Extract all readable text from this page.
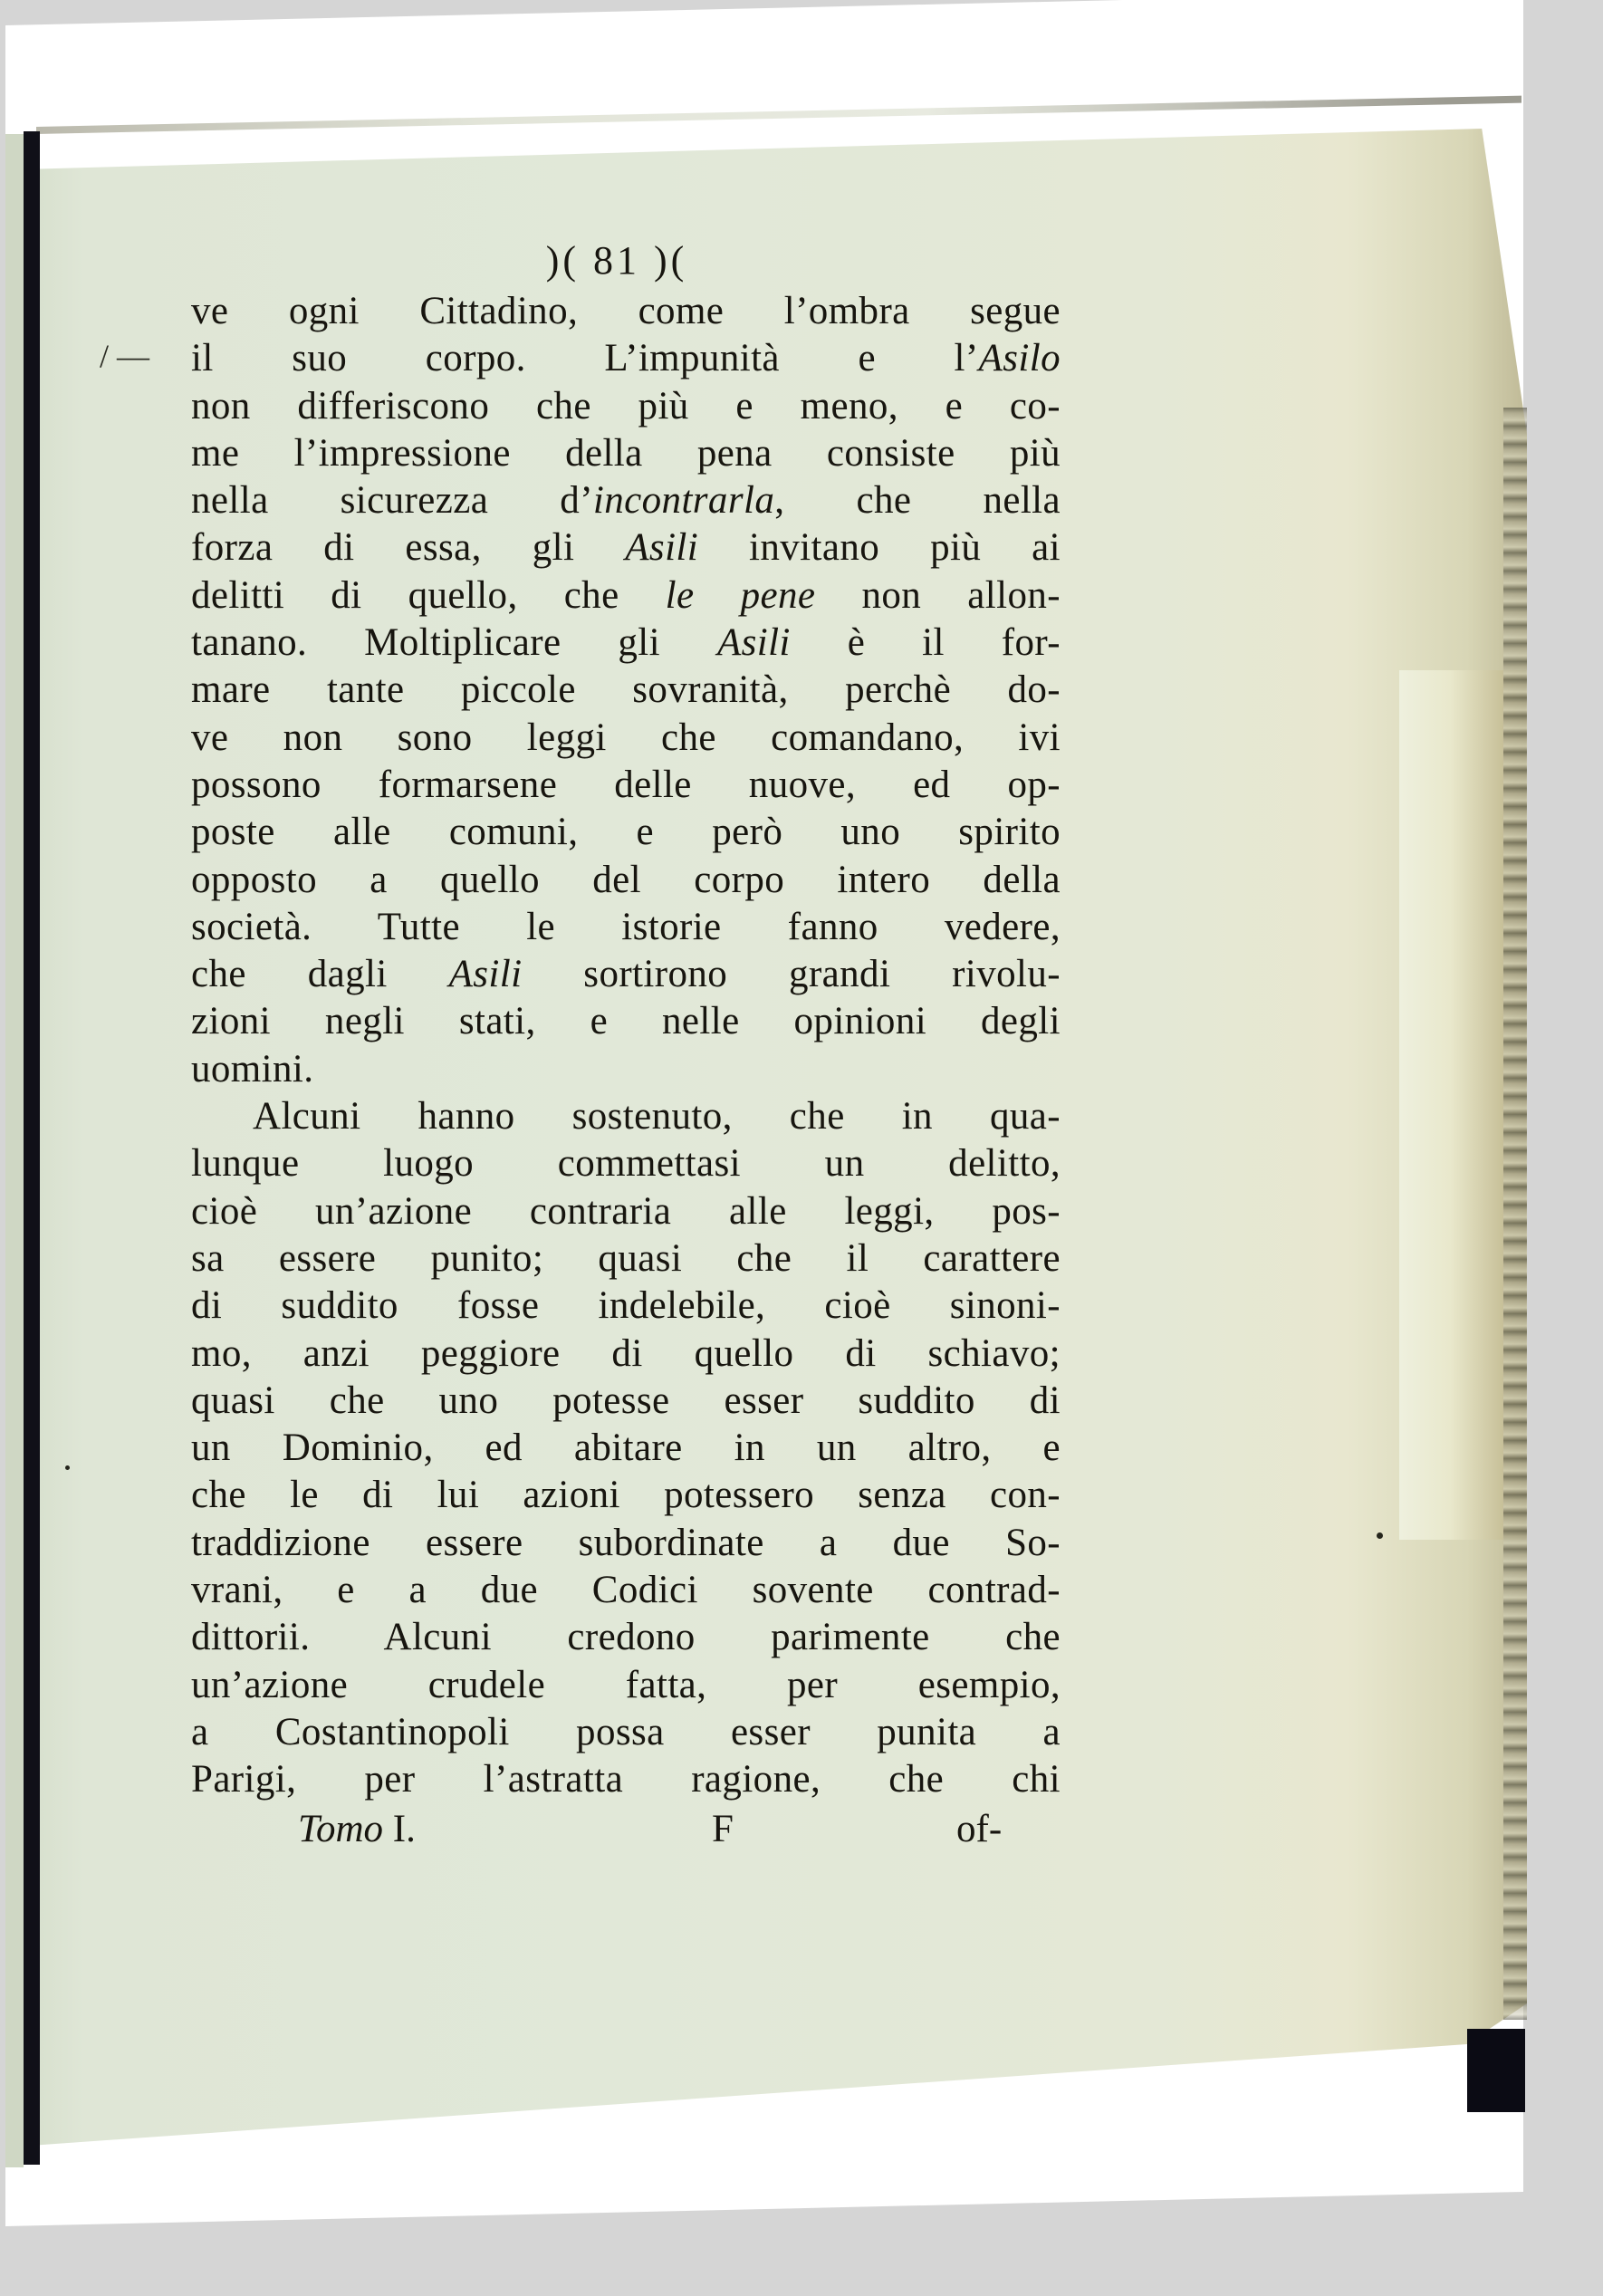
/ —
)( 81 )(
ve ogni Cittadino, come l’ombra segue
il suo corpo. L’impunità e l’Asilo
non differiscono che più e meno, e co-
me l’impressione della pena consiste più
nella sicurezza d’incontrarla, che nella
forza di essa, gli Asili invitano più ai
delitti di quello, che le pene non allon-
tanano. Moltiplicare gli Asili è il for-
mare tante piccole sovranità, perchè do-
ve non sono leggi che comandano, ivi
possono formarsene delle nuove, ed op-
poste alle comuni, e però uno spirito
opposto a quello del corpo intero della
società. Tutte le istorie fanno vedere,
che dagli Asili sortirono grandi rivolu-
zioni negli stati, e nelle opinioni degli
uomini.
Alcuni hanno sostenuto, che in qua-
lunque luogo commettasi un delitto,
cioè un’azione contraria alle leggi, pos-
sa essere punito; quasi che il carattere
di suddito fosse indelebile, cioè sinoni-
mo, anzi peggiore di quello di schiavo;
quasi che uno potesse esser suddito di
un Dominio, ed abitare in un altro, e
che le di lui azioni potessero senza con-
traddizione essere subordinate a due So-
vrani, e a due Codici sovente contrad-
dittorii. Alcuni credono parimente che
un’azione crudele fatta, per esempio,
a Costantinopoli possa esser punita a
Parigi, per l’astratta ragione, che chi
Tomo I.	F	of-
